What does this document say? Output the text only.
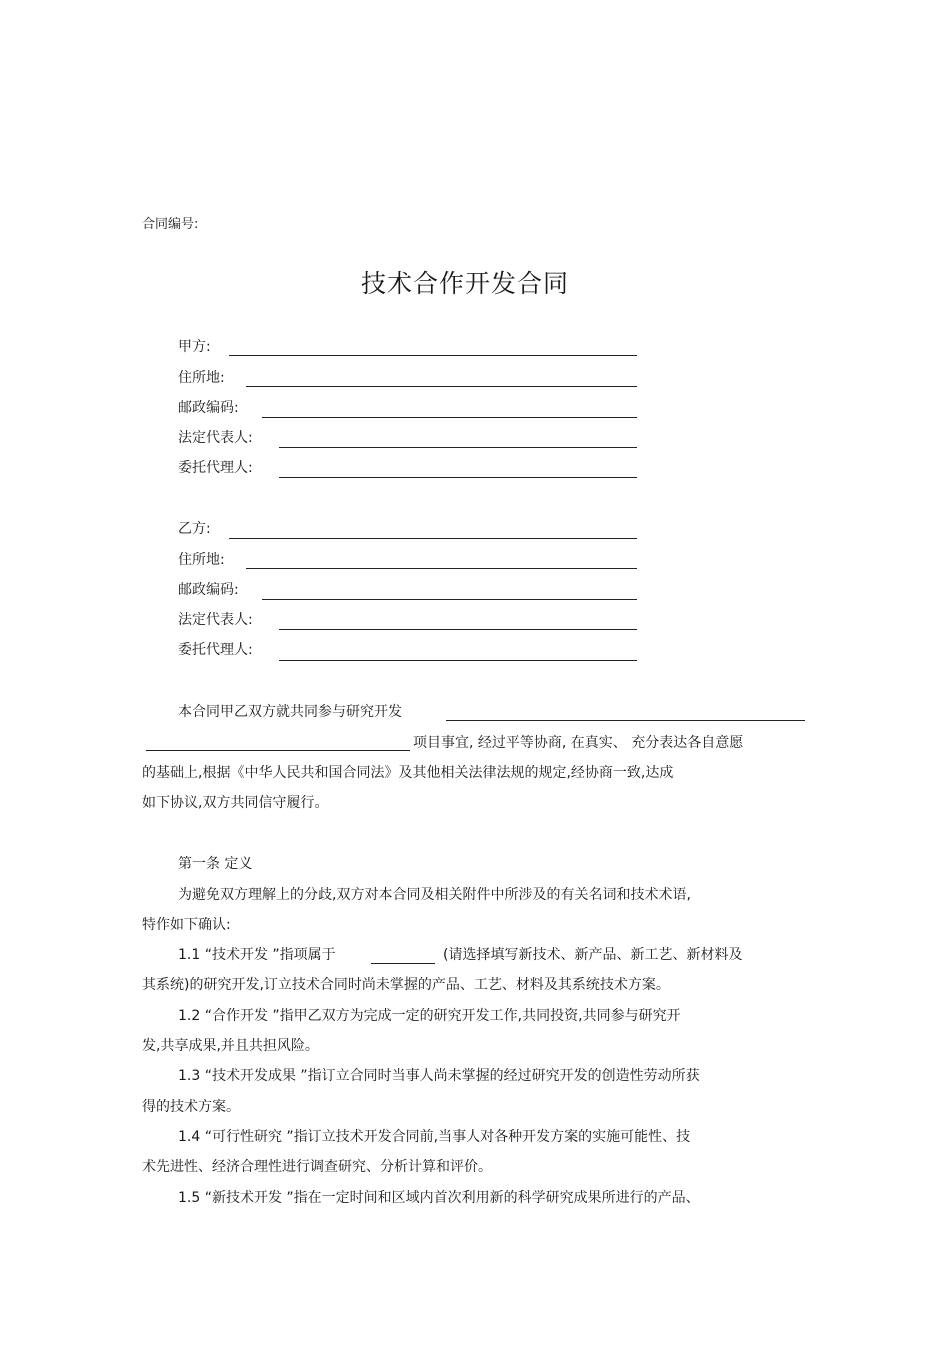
合同编号:
技术合作开发合同
甲方:
住所地:
邮政编码:
法定代表人:
委托代理人:
乙方:
住所地:
邮政编码:
法定代表人:
委托代理人:
本合同甲乙双方就共同参与研究开发
项目事宜, 经过平等协商, 在真实、 充分表达各自意愿
的基础上,根据《中华人民共和国合同法》及其他相关法律法规的规定,经协商一致,达成
如下协议,双方共同信守履行。
第一条 定义
为避免双方理解上的分歧,双方对本合同及相关附件中所涉及的有关名词和技术术语,
特作如下确认:
1.1 “技术开发 ”指项属于	(请选择填写新技术、新产品、新工艺、新材料及
其系统)的研究开发,订立技术合同时尚未掌握的产品、工艺、材料及其系统技术方案。
1.2 “合作开发 ”指甲乙双方为完成一定的研究开发工作,共同投资,共同参与研究开
发,共享成果,并且共担风险。
1.3 “技术开发成果 ”指订立合同时当事人尚未掌握的经过研究开发的创造性劳动所获
得的技术方案。
1.4 “可行性研究 ”指订立技术开发合同前,当事人对各种开发方案的实施可能性、技
术先进性、经济合理性进行调查研究、分析计算和评价。
1.5 “新技术开发 ”指在一定时间和区域内首次利用新的科学研究成果所进行的产品、
